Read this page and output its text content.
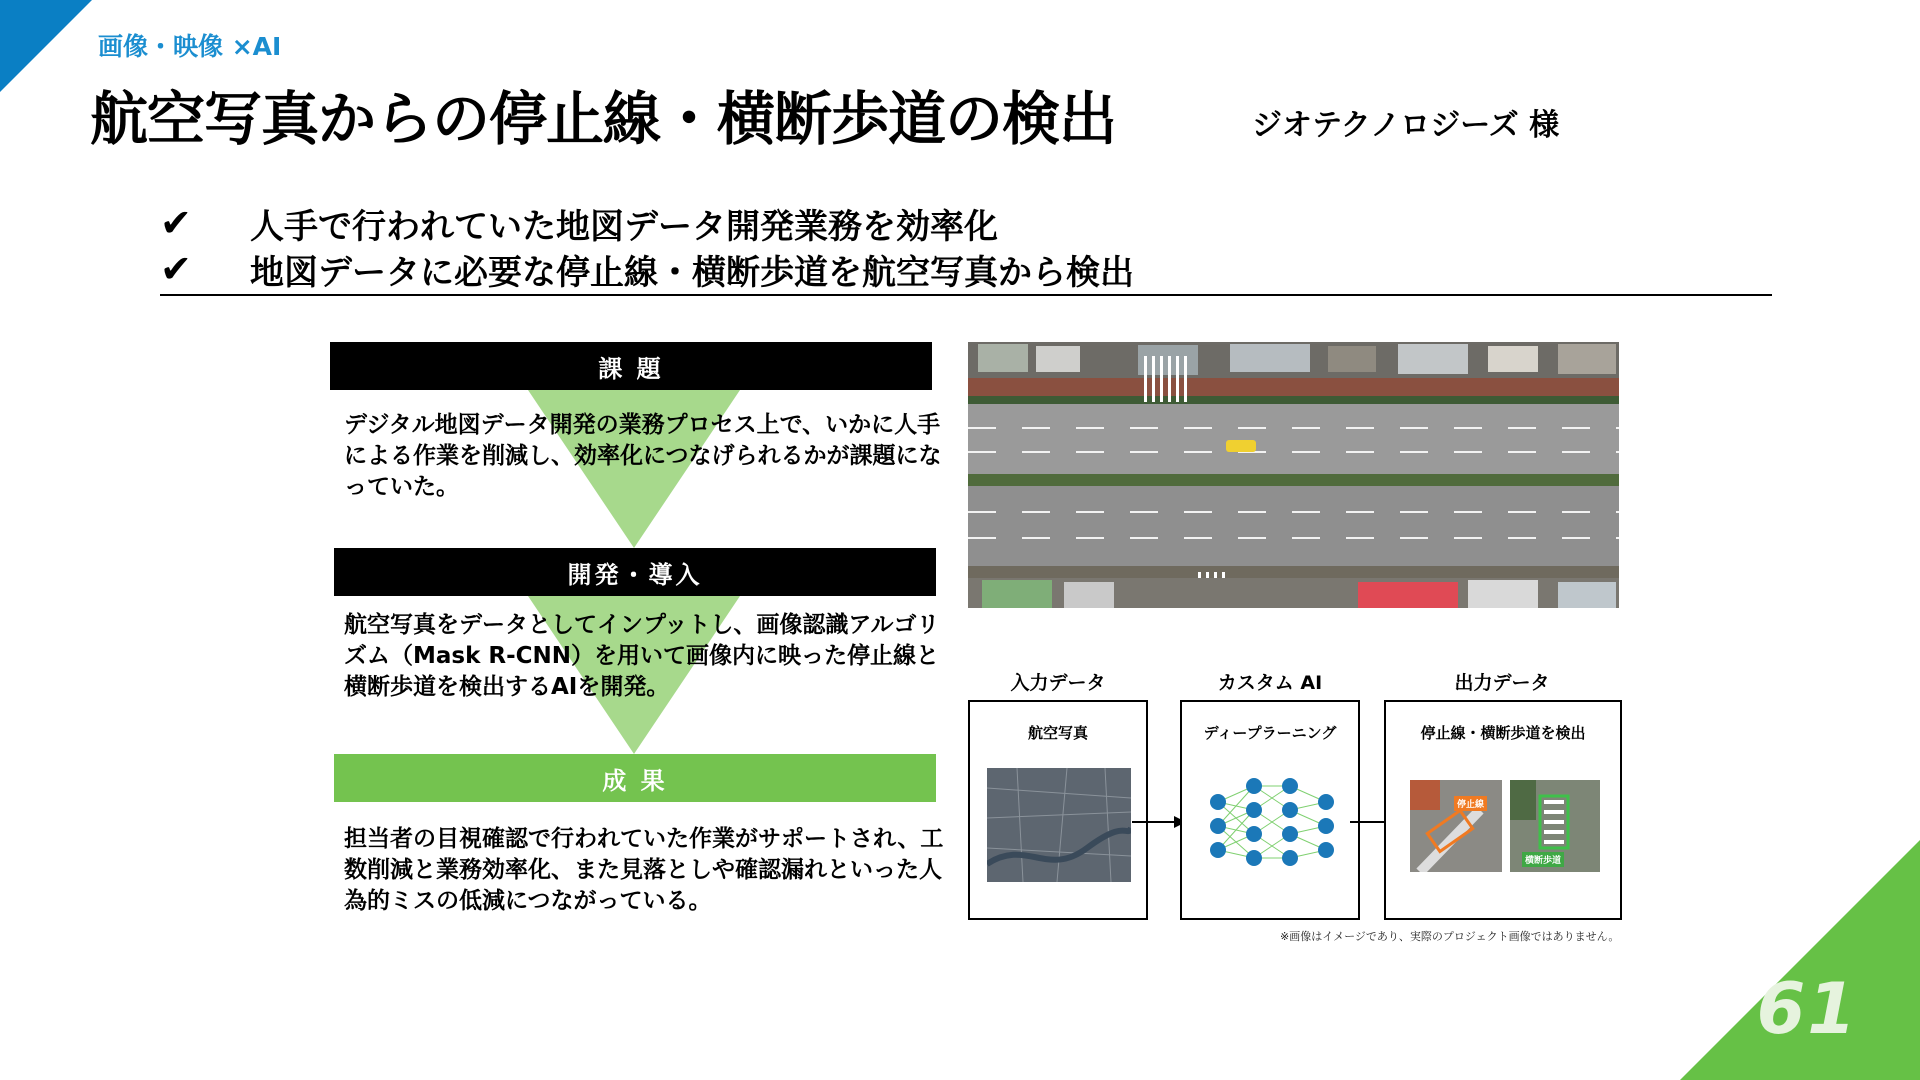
61
画像・映像 ×AI
航空写真からの停止線・横断歩道の検出	ジオテクノロジーズ 様
✔	人手で行われていた地図データ開発業務を効率化
✔	地図データに必要な停止線・横断歩道を航空写真から検出
課 題
デジタル地図データ開発の業務プロセス上で、いかに人手による作業を削減し、効率化につなげられるかが課題になっていた。
開発・導入
航空写真をデータとしてインプットし、画像認識アルゴリズム（Mask R-CNN）を用いて画像内に映った停止線と横断歩道を検出するAIを開発。
成 果
担当者の目視確認で行われていた作業がサポートされ、工数削減と業務効率化、また見落としや確認漏れといった人為的ミスの低減につながっている。
入力データ	カスタム AI	出力データ
航空写真	ディープラーニング	停止線・横断歩道を検出
停止線
横断歩道
※画像はイメージであり、実際のプロジェクト画像ではありません。
